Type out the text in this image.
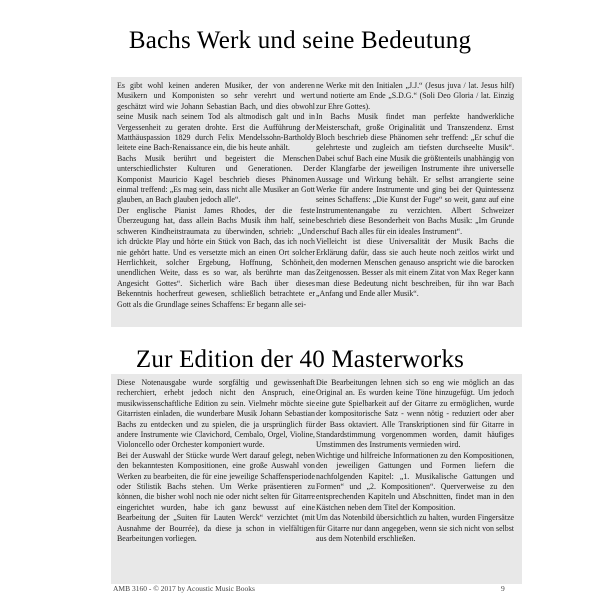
Bachs Werk und seine Bedeutung

Es gibt wohl keinen anderen Musiker, der von anderen Musikern und Komponisten so sehr verehrt und wert geschätzt wird wie Johann Sebastian Bach, und dies obwohl seine Musik nach seinem Tod als altmodisch galt und in Vergessenheit zu geraten drohte. Erst die Aufführung der Matthäuspassion 1829 durch Felix Mendelssohn-Bartholdy leitete eine Bach-Renaissance ein, die bis heute anhält.

Bachs Musik berührt und begeistert die Menschen unterschiedlichster Kulturen und Generationen. Der Komponist Mauricio Kagel beschrieb dieses Phänomen einmal treffend: „Es mag sein, dass nicht alle Musiker an Gott glauben, an Bach glauben jedoch alle“.

Der englische Pianist James Rhodes, der die feste Überzeugung hat, dass allein Bachs Musik ihm half, seine schweren Kindheitstraumata zu überwinden, schrieb: „Und ich drückte Play und hörte ein Stück von Bach, das ich noch nie gehört hatte. Und es versetzte mich an einen Ort solcher Herrlichkeit, solcher Ergebung, Hoffnung, Schönheit, unendlichen Weite, dass es so war, als berührte man das Angesicht Gottes“. Sicherlich wäre Bach über dieses Bekenntnis hocherfreut gewesen, schließlich betrachtete er Gott als die Grundlage seines Schaffens: Er begann alle sei-

ne Werke mit den Initialen „J.J.“ (Jesus juva / lat. Jesus hilf) und notierte am Ende „S.D.G.“ (Soli Deo Gloria / lat. Einzig zur Ehre Gottes).

In Bachs Musik findet man perfekte handwerkliche Meisterschaft, große Originalität und Transzendenz. Ernst Bloch beschrieb diese Phänomen sehr treffend: „Er schuf die gelehrteste und zugleich am tiefsten durchseelte Musik“. Dabei schuf Bach eine Musik die größtenteils unabhängig von der Klangfarbe der jeweiligen Instrumente ihre universelle Aussage und Wirkung behält. Er selbst arrangierte seine Werke für andere Instrumente und ging bei der Quintessenz seines Schaffens: „Die Kunst der Fuge“ so weit, ganz auf eine Instrumentenangabe zu verzichten. Albert Schweizer beschrieb diese Besonderheit von Bachs Musik: „Im Grunde erschuf Bach alles für ein ideales Instrument“.

Vielleicht ist diese Universalität der Musik Bachs die Erklärung dafür, dass sie auch heute noch zeitlos wirkt und den modernen Menschen genauso anspricht wie die barocken Zeitgenossen. Besser als mit einem Zitat von Max Reger kann man diese Bedeutung nicht beschreiben, für ihn war Bach „Anfang und Ende aller Musik“.

Zur Edition der 40 Masterworks

Diese Notenausgabe wurde sorgfältig und gewissenhaft recherchiert, erhebt jedoch nicht den Anspruch, eine musikwissenschaftliche Edition zu sein. Vielmehr möchte sie Gitarristen einladen, die wunderbare Musik Johann Sebastian Bachs zu entdecken und zu spielen, die ja ursprünglich für andere Instrumente wie Clavichord, Cembalo, Orgel, Violine, Violoncello oder Orchester komponiert wurde.

Bei der Auswahl der Stücke wurde Wert darauf gelegt, neben den bekanntesten Kompositionen, eine große Auswahl von Werken zu bearbeiten, die für eine jeweilige Schaffensperiode oder Stilistik Bachs stehen. Um Werke präsentieren zu können, die bisher wohl noch nie oder nicht selten für Gitarre eingerichtet wurden, habe ich ganz bewusst auf eine Bearbeitung der „Suiten für Lauten Werck“ verzichtet (mit Ausnahme der Bourrée), da diese ja schon in vielfältigen Bearbeitungen vorliegen.

Die Bearbeitungen lehnen sich so eng wie möglich an das Original an. Es wurden keine Töne hinzugefügt. Um jedoch eine gute Spielbarkeit auf der Gitarre zu ermöglichen, wurde der kompositorische Satz - wenn nötig - reduziert oder aber der Bass oktaviert. Alle Transkriptionen sind für Gitarre in Standardstimmung vorgenommen worden, damit häufiges Umstimmen des Instruments vermieden wird.

Wichtige und hilfreiche Informationen zu den Kompositionen, den jeweiligen Gattungen und Formen liefern die nachfolgenden Kapitel: „1. Musikalische Gattungen und Formen“ und „2. Kompositionen“. Querverweise zu den entsprechenden Kapiteln und Abschnitten, findet man in den Kästchen neben dem Titel der Komposition.

Um das Notenbild übersichtlich zu halten, wurden Fingersätze für Gitarre nur dann angegeben, wenn sie sich nicht von selbst aus dem Notenbild erschließen.

AMB 3160 - © 2017 by Acoustic Music Books	9
